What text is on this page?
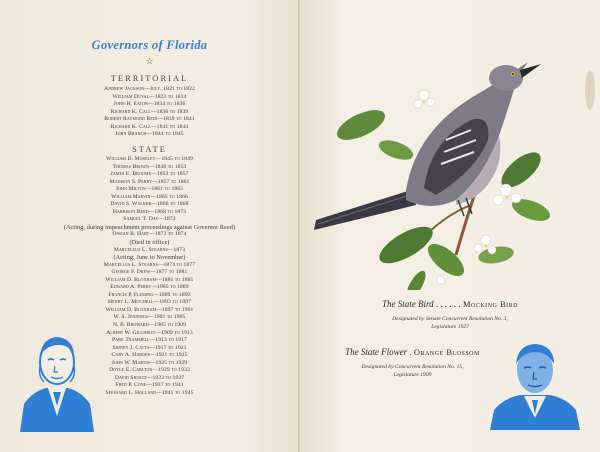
Governors of Florida
☆
TERRITORIAL
Andrew Jackson—July, 1821 to 1822
William Duval—1822 to 1834
John H. Eaton—1834 to 1836
Richard K. Call—1836 to 1839
Robert Raymond Reid—1839 to 1841
Richard K. Call—1841 to 1844
John Branch—1844 to 1845
STATE
William D. Moseley—1845 to 1849
Thomas Brown—1849 to 1853
James E. Broome—1853 to 1857
Madison S. Perry—1857 to 1861
John Milton—1861 to 1865
William Marvin—1865 to 1866
David S. Walker—1866 to 1868
Harrison Reed—1868 to 1873
Samuel T. Day—1872
(Acting, during impeachment proceedings against Governor Reed)
Ossian B. Hart—1873 to 1874
(Died in office)
Marcellus L. Stearns—1873
(Acting, June to November)
Marcellus L. Stearns—1874 to 1877
George F. Drew—1877 to 1881
William D. Bloxham—1881 to 1885
Edward A. Perry—1885 to 1889
Francis P. Fleming—1889 to 1893
Henry L. Mitchell—1893 to 1897
William D. Bloxham—1897 to 1901
W. S. Jennings—1901 to 1905
N. B. Broward—1905 to 1909
Albert W. Gilchrist—1909 to 1913
Park Trammell—1913 to 1917
Sidney J. Catts—1917 to 1921
Cary A. Hardee—1921 to 1925
John W. Martin—1925 to 1929
Doyle E. Carlton—1929 to 1933
David Sholtz—1933 to 1937
Fred P. Cone—1937 to 1941
Spessard L. Holland—1941 to 1945
The State Bird . . . . . . Mocking Bird
Designated by Senate Concurrent Resolution No. 3,
Legislature 1927
The State Flower . Orange Blossom
Designated by Concurrent Resolution No. 15,
Legislature 1909
